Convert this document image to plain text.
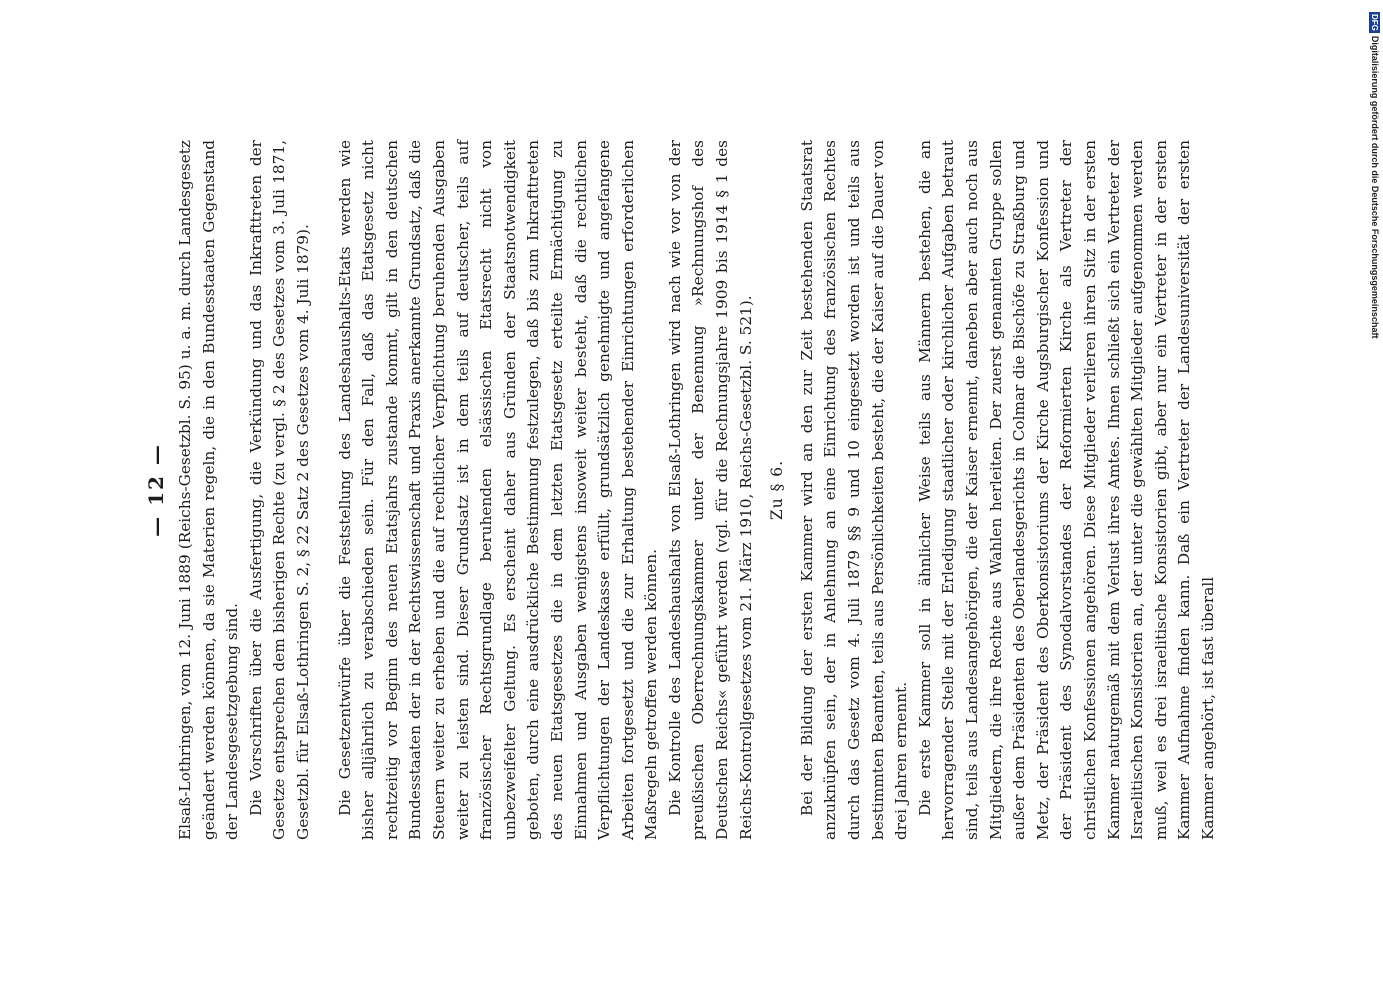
— 12 — Elsaß-Lothringen, vom 12. Juni 1889 (Reichs-Gesetzbl. S. 95) u. a. m. durch Landesgesetz geändert werden können, da sie Materien regeln, die in den Bundesstaaten Gegenstand der Landesgesetzgebung sind. Die Vorschriften über die Ausfertigung, die Verkündung und das Inkrafttreten der Gesetze entsprechen dem bisherigen Rechte (zu vergl. § 2 des Gesetzes vom 3. Juli 1871, Gesetzbl. für Elsaß-Lothringen S. 2, § 22 Satz 2 des Gesetzes vom 4. Juli 1879). Die Gesetzentwürfe über die Feststellung des Landeshaushalts-Etats werden wie bisher alljährlich zu verabschieden sein. Für den Fall, daß das Etatsgesetz nicht rechtzeitig vor Beginn des neuen Etatsjahrs zustande kommt, gilt in den deutschen Bundesstaaten der in der Rechtswissenschaft und Praxis anerkannte Grundsatz, daß die Steuern weiter zu erheben und die auf rechtlicher Verpflichtung beruhenden Ausgaben weiter zu leisten sind. Dieser Grundsatz ist in dem teils auf deutscher, teils auf französischer Rechtsgrundlage beruhenden elsässischen Etatsrecht nicht von unbezweifelter Geltung. Es erscheint daher aus Gründen der Staatsnotwendigkeit geboten, durch eine ausdrückliche Bestimmung festzulegen, daß bis zum Inkrafttreten des neuen Etatsgesetzes die in dem letzten Etatsgesetz erteilte Ermächtigung zu Einnahmen und Ausgaben wenigstens insoweit weiter besteht, daß die rechtlichen Verpflichtungen der Landeskasse erfüllt, grundsätzlich genehmigte und angefangene Arbeiten fortgesetzt und die zur Erhaltung bestehender Einrichtungen erforderlichen Maßregeln getroffen werden können. Die Kontrolle des Landeshaushalts von Elsaß-Lothringen wird nach wie vor von der preußischen Oberrechnungskammer unter der Benennung »Rechnungshof des Deutschen Reichs« geführt werden (vgl. für die Rechnungsjahre 1909 bis 1914 § 1 des Reichs-Kontrollgesetzes vom 21. März 1910, Reichs-Gesetzbl. S. 521). Zu § 6. Bei der Bildung der ersten Kammer wird an den zur Zeit bestehenden Staatsrat anzuknüpfen sein, der in Anlehnung an eine Einrichtung des französischen Rechtes durch das Gesetz vom 4. Juli 1879 §§ 9 und 10 eingesetzt worden ist und teils aus bestimmten Beamten, teils aus Persönlichkeiten besteht, die der Kaiser auf die Dauer von drei Jahren ernennt. Die erste Kammer soll in ähnlicher Weise teils aus Männern bestehen, die an hervorragender Stelle mit der Erledigung staatlicher oder kirchlicher Aufgaben betraut sind, teils aus Landesangehörigen, die der Kaiser ernennt, daneben aber auch noch aus Mitgliedern, die ihre Rechte aus Wahlen herleiten. Der zuerst genannten Gruppe sollen außer dem Präsidenten des Oberlandesgerichts in Colmar die Bischöfe zu Straßburg und Metz, der Präsident des Oberkonsistoriums der Kirche Augsburgischer Konfession und der Präsident des Synodalvorstandes der Reformierten Kirche als Vertreter der christlichen Konfessionen angehören. Diese Mitglieder verlieren ihren Sitz in der ersten Kammer naturgemäß mit dem Verlust ihres Amtes. Ihnen schließt sich ein Vertreter der Israelitischen Konsistorien an, der unter die gewählten Mitglieder aufgenommen werden muß, weil es drei israelitische Konsistorien gibt, aber nur ein Vertreter in der ersten Kammer Aufnahme finden kann. Daß ein Vertreter der Landesuniversität der ersten Kammer angehört, ist fast überall

DFGDigitalisierung gefördert durch die Deutsche Forschungsgemeinschaft
